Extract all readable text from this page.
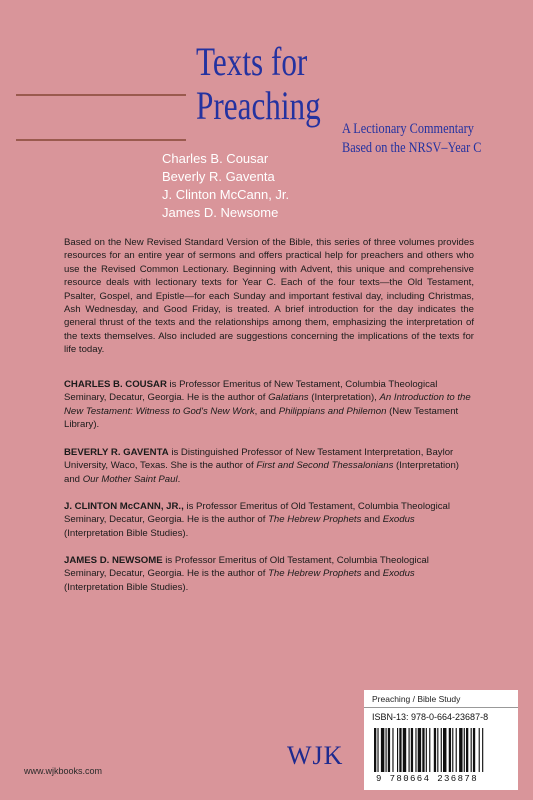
Texts for
Preaching
A Lectionary Commentary
Based on the NRSV–Year C
Charles B. Cousar
Beverly R. Gaventa
J. Clinton McCann, Jr.
James D. Newsome

Based on the New Revised Standard Version of the Bible, this series of three volumes provides resources for an entire year of sermons and offers practical help for preachers and others who use the Revised Common Lectionary. Beginning with Advent, this unique and comprehensive resource deals with lectionary texts for Year C. Each of the four texts—the Old Testament, Psalter, Gospel, and Epistle—for each Sunday and important festival day, including Christmas, Ash Wednesday, and Good Friday, is treated. A brief introduction for the day indicates the general thrust of the texts and the relationships among them, emphasizing the interpretation of the texts themselves. Also included are suggestions concerning the implications of the texts for life today.

CHARLES B. COUSAR is Professor Emeritus of New Testament, Columbia Theological Seminary, Decatur, Georgia. He is the author of Galatians (Interpretation), An Introduction to the New Testament: Witness to God's New Work, and Philippians and Philemon (New Testament Library).

BEVERLY R. GAVENTA is Distinguished Professor of New Testament Interpretation, Baylor University, Waco, Texas. She is the author of First and Second Thessalonians (Interpretation) and Our Mother Saint Paul.

J. CLINTON McCANN, JR., is Professor Emeritus of Old Testament, Columbia Theological Seminary, Decatur, Georgia. He is the author of The Hebrew Prophets and Exodus (Interpretation Bible Studies).

JAMES D. NEWSOME is Professor Emeritus of Old Testament, Columbia Theological Seminary, Decatur, Georgia. He is the author of The Hebrew Prophets and Exodus (Interpretation Bible Studies).

www.wjkbooks.com
WJK
Preaching / Bible Study
ISBN-13: 978-0-664-23687-8
9 780664 236878
